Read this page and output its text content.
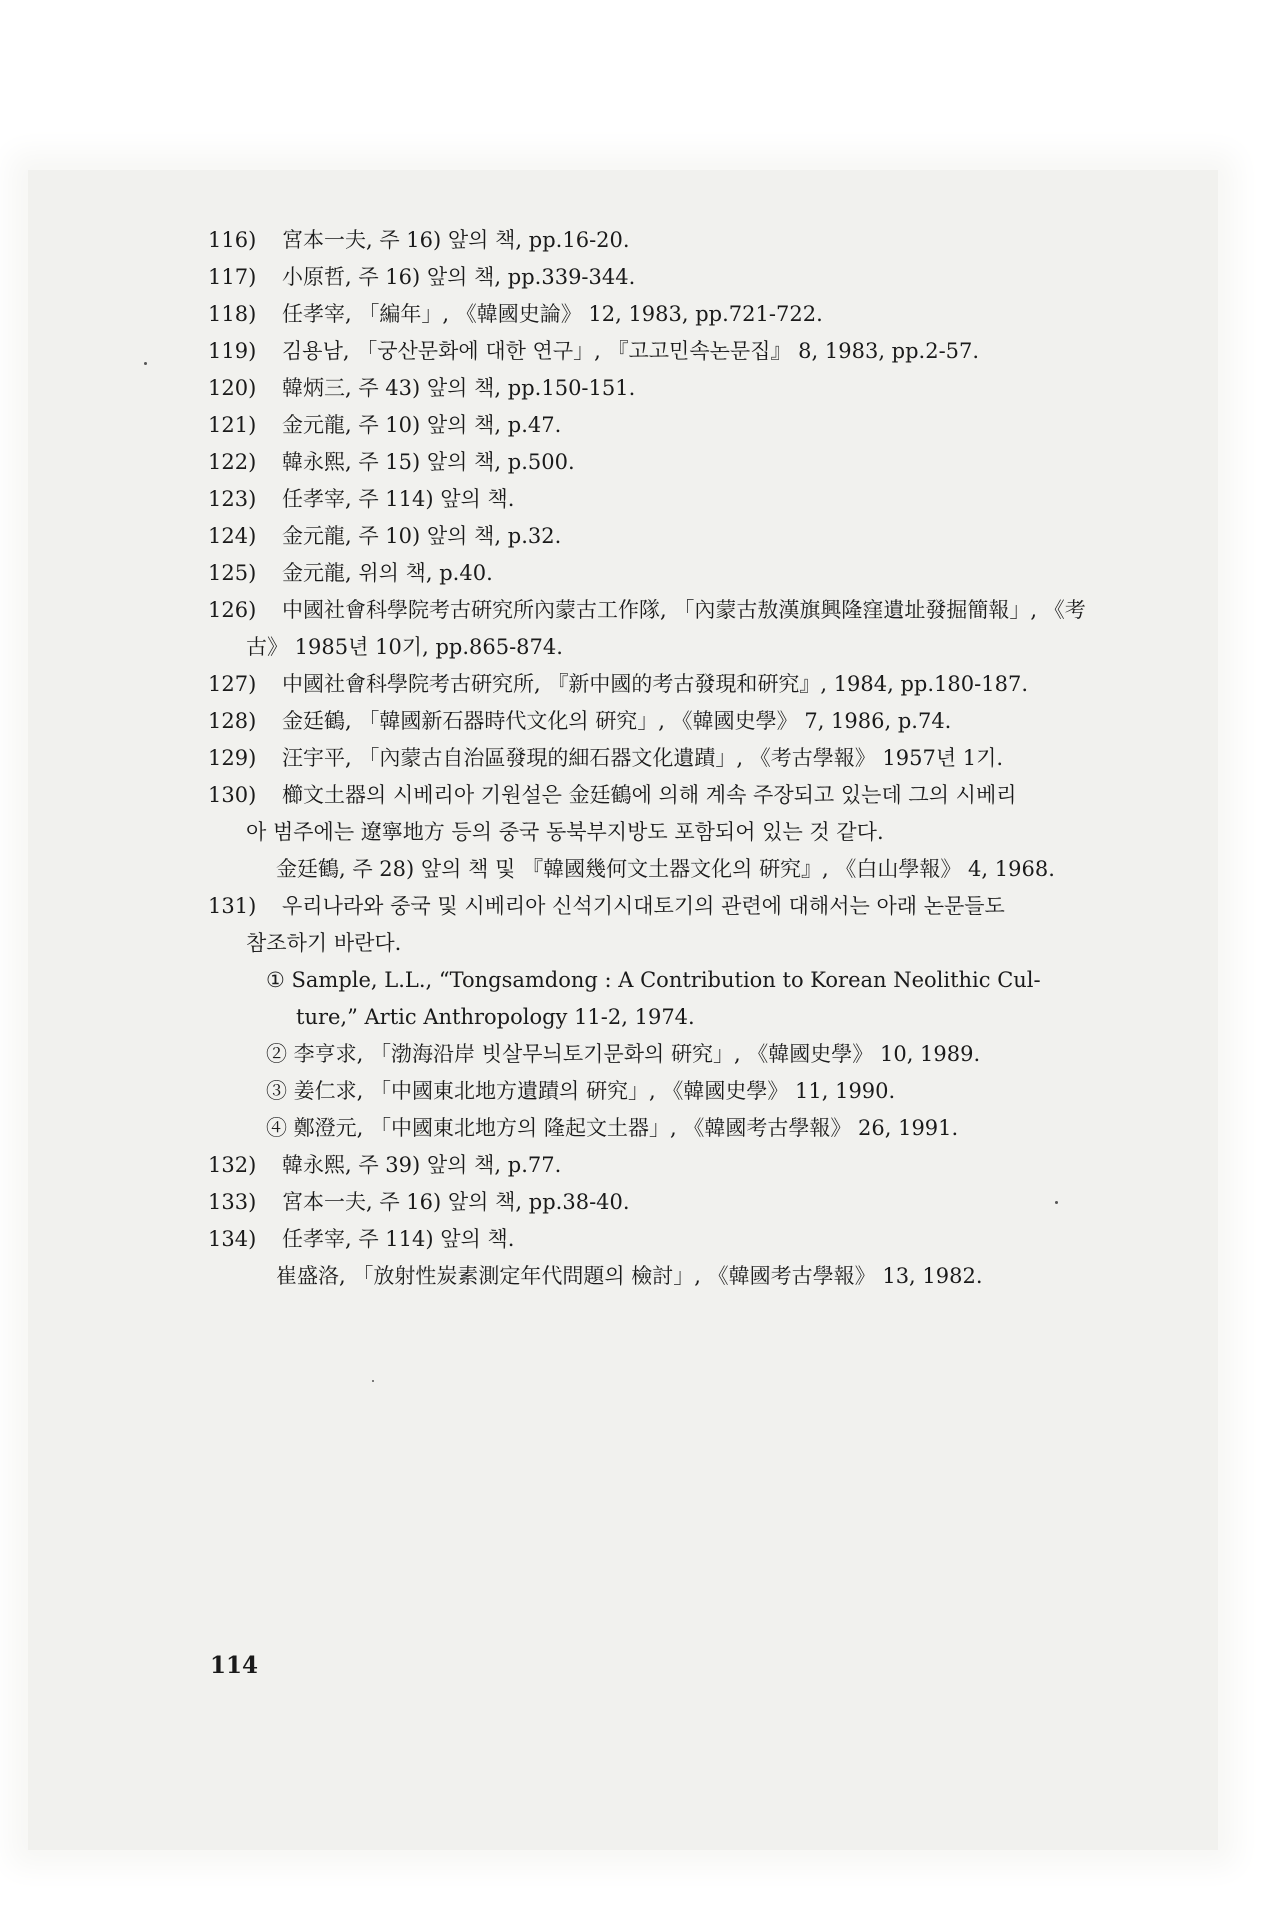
116) 宮本一夫, 주 16) 앞의 책, pp.16-20.
117) 小原哲, 주 16) 앞의 책, pp.339-344.
118) 任孝宰, 「編年」, 《韓國史論》 12, 1983, pp.721-722.
119) 김용남, 「궁산문화에 대한 연구」, 『고고민속논문집』 8, 1983, pp.2-57.
120) 韓炳三, 주 43) 앞의 책, pp.150-151.
121) 金元龍, 주 10) 앞의 책, p.47.
122) 韓永熙, 주 15) 앞의 책, p.500.
123) 任孝宰, 주 114) 앞의 책.
124) 金元龍, 주 10) 앞의 책, p.32.
125) 金元龍, 위의 책, p.40.
126) 中國社會科學院考古硏究所內蒙古工作隊, 「內蒙古敖漢旗興隆窪遺址發掘簡報」, 《考
古》 1985년 10기, pp.865-874.
127) 中國社會科學院考古硏究所, 『新中國的考古發現和硏究』, 1984, pp.180-187.
128) 金廷鶴, 「韓國新石器時代文化의 硏究」, 《韓國史學》 7, 1986, p.74.
129) 汪宇平, 「內蒙古自治區發現的細石器文化遺蹟」, 《考古學報》 1957년 1기.
130) 櫛文土器의 시베리아 기원설은 金廷鶴에 의해 계속 주장되고 있는데 그의 시베리
아 범주에는 遼寧地方 등의 중국 동북부지방도 포함되어 있는 것 같다.
金廷鶴, 주 28) 앞의 책 및 『韓國幾何文土器文化의 硏究』, 《白山學報》 4, 1968.
131) 우리나라와 중국 및 시베리아 신석기시대토기의 관련에 대해서는 아래 논문들도
참조하기 바란다.
① Sample, L.L., “Tongsamdong : A Contribution to Korean Neolithic Cul-
ture,” Artic Anthropology 11-2, 1974.
② 李亨求, 「渤海沿岸 빗살무늬토기문화의 硏究」, 《韓國史學》 10, 1989.
③ 姜仁求, 「中國東北地方遺蹟의 硏究」, 《韓國史學》 11, 1990.
④ 鄭澄元, 「中國東北地方의 隆起文土器」, 《韓國考古學報》 26, 1991.
132) 韓永熙, 주 39) 앞의 책, p.77.
133) 宮本一夫, 주 16) 앞의 책, pp.38-40.
134) 任孝宰, 주 114) 앞의 책.
崔盛洛, 「放射性炭素測定年代問題의 檢討」, 《韓國考古學報》 13, 1982.
114
